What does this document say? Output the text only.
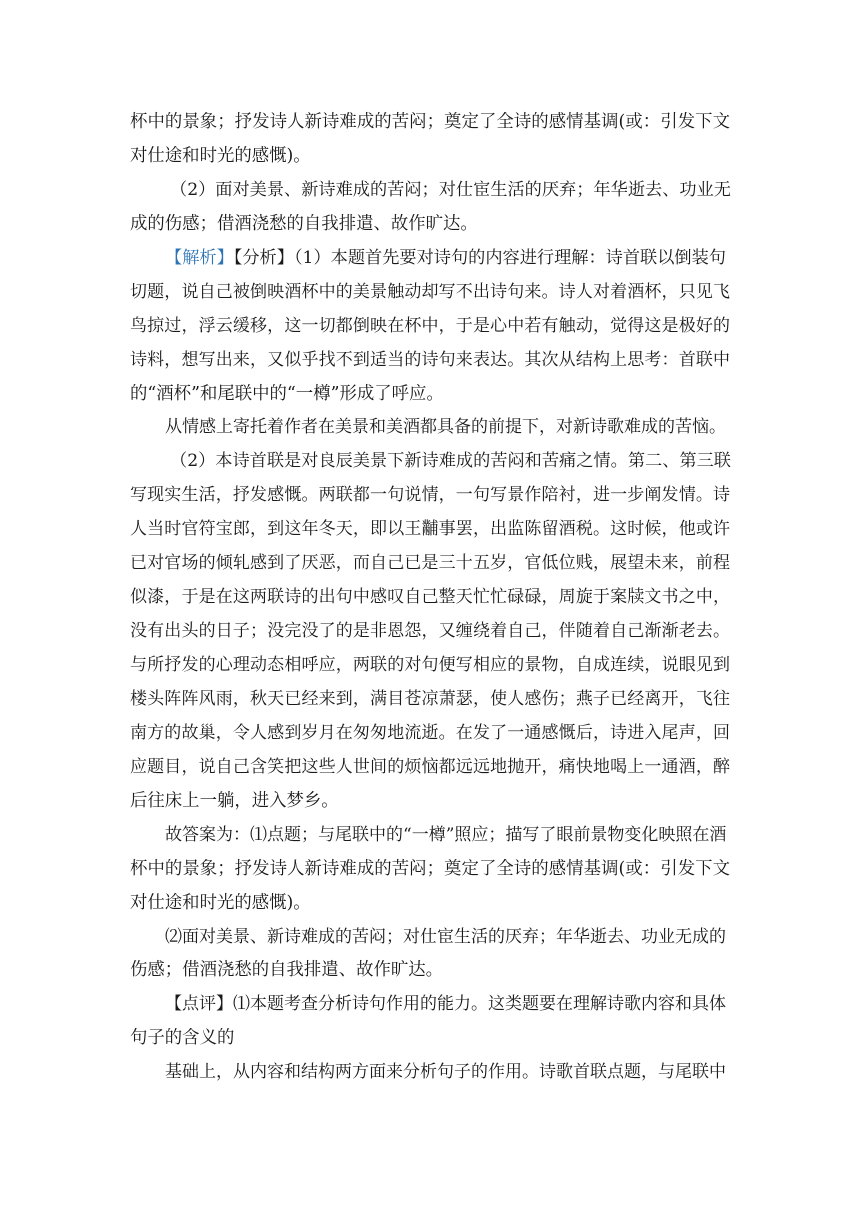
杯中的景象；抒发诗人新诗难成的苦闷；奠定了全诗的感情基调(或：引发下文
对仕途和时光的感慨)。
（2）面对美景、新诗难成的苦闷；对仕宦生活的厌弃；年华逝去、功业无
成的伤感；借酒浇愁的自我排遣、故作旷达。
【解析】【分析】（1）本题首先要对诗句的内容进行理解：诗首联以倒装句
切题，说自己被倒映酒杯中的美景触动却写不出诗句来。诗人对着酒杯，只见飞
鸟掠过，浮云缓移，这一切都倒映在杯中，于是心中若有触动，觉得这是极好的
诗料，想写出来，又似乎找不到适当的诗句来表达。其次从结构上思考：首联中
的“酒杯”和尾联中的“一樽”形成了呼应。
从情感上寄托着作者在美景和美酒都具备的前提下，对新诗歌难成的苦恼。
（2）本诗首联是对良辰美景下新诗难成的苦闷和苦痛之情。第二、第三联
写现实生活，抒发感慨。两联都一句说情，一句写景作陪衬，进一步阐发情。诗
人当时官符宝郎，到这年冬天，即以王黼事罢，出监陈留酒税。这时候，他或许
已对官场的倾轧感到了厌恶，而自己已是三十五岁，官低位贱，展望未来，前程
似漆，于是在这两联诗的出句中感叹自己整天忙忙碌碌，周旋于案牍文书之中，
没有出头的日子；没完没了的是非恩怨，又缠绕着自己，伴随着自己渐渐老去。
与所抒发的心理动态相呼应，两联的对句便写相应的景物，自成连续，说眼见到
楼头阵阵风雨，秋天已经来到，满目苍凉萧瑟，使人感伤；燕子已经离开，飞往
南方的故巢，令人感到岁月在匆匆地流逝。在发了一通感慨后，诗进入尾声，回
应题目，说自己含笑把这些人世间的烦恼都远远地抛开，痛快地喝上一通酒，醉
后往床上一躺，进入梦乡。
故答案为：⑴点题；与尾联中的“一樽”照应；描写了眼前景物变化映照在酒
杯中的景象；抒发诗人新诗难成的苦闷；奠定了全诗的感情基调(或：引发下文
对仕途和时光的感慨)。
⑵面对美景、新诗难成的苦闷；对仕宦生活的厌弃；年华逝去、功业无成的
伤感；借酒浇愁的自我排遣、故作旷达。
【点评】⑴本题考查分析诗句作用的能力。这类题要在理解诗歌内容和具体
句子的含义的
基础上，从内容和结构两方面来分析句子的作用。诗歌首联点题，与尾联中
